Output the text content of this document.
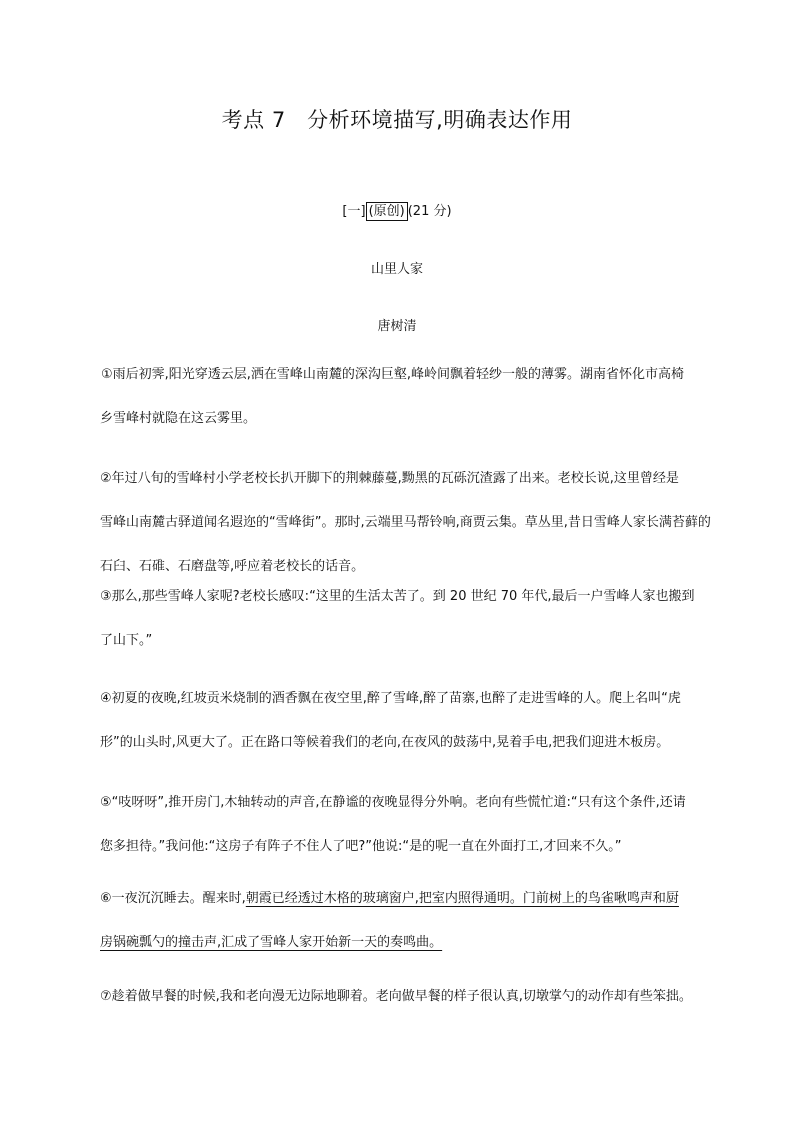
考点 7　分析环境描写,明确表达作用
[一] (原创) (21 分)
山里人家
唐树清
①雨后初霁,阳光穿透云层,洒在雪峰山南麓的深沟巨壑,峰岭间飘着轻纱一般的薄雾。湖南省怀化市高椅
乡雪峰村就隐在这云雾里。
②年过八旬的雪峰村小学老校长扒开脚下的荆棘藤蔓,黝黑的瓦砾沉渣露了出来。老校长说,这里曾经是
雪峰山南麓古驿道闻名遐迩的“雪峰街”。那时,云端里马帮铃响,商贾云集。草丛里,昔日雪峰人家长满苔藓的
石臼、石碓、石磨盘等,呼应着老校长的话音。
③那么,那些雪峰人家呢?老校长感叹:“这里的生活太苦了。到 20 世纪 70 年代,最后一户雪峰人家也搬到
了山下。”
④初夏的夜晚,红坡贡米烧制的酒香飘在夜空里,醉了雪峰,醉了苗寨,也醉了走进雪峰的人。爬上名叫“虎
形”的山头时,风更大了。正在路口等候着我们的老向,在夜风的鼓荡中,晃着手电,把我们迎进木板房。
⑤“吱呀呀”,推开房门,木轴转动的声音,在静谧的夜晚显得分外响。老向有些慌忙道:“只有这个条件,还请
您多担待。”我问他:“这房子有阵子不住人了吧?”他说:“是的呢一直在外面打工,才回来不久。”
⑥一夜沉沉睡去。醒来时,朝霞已经透过木格的玻璃窗户,把室内照得通明。门前树上的鸟雀啾鸣声和厨
房锅碗瓢勺的撞击声,汇成了雪峰人家开始新一天的奏鸣曲。
⑦趁着做早餐的时候,我和老向漫无边际地聊着。老向做早餐的样子很认真,切墩掌勺的动作却有些笨拙。
